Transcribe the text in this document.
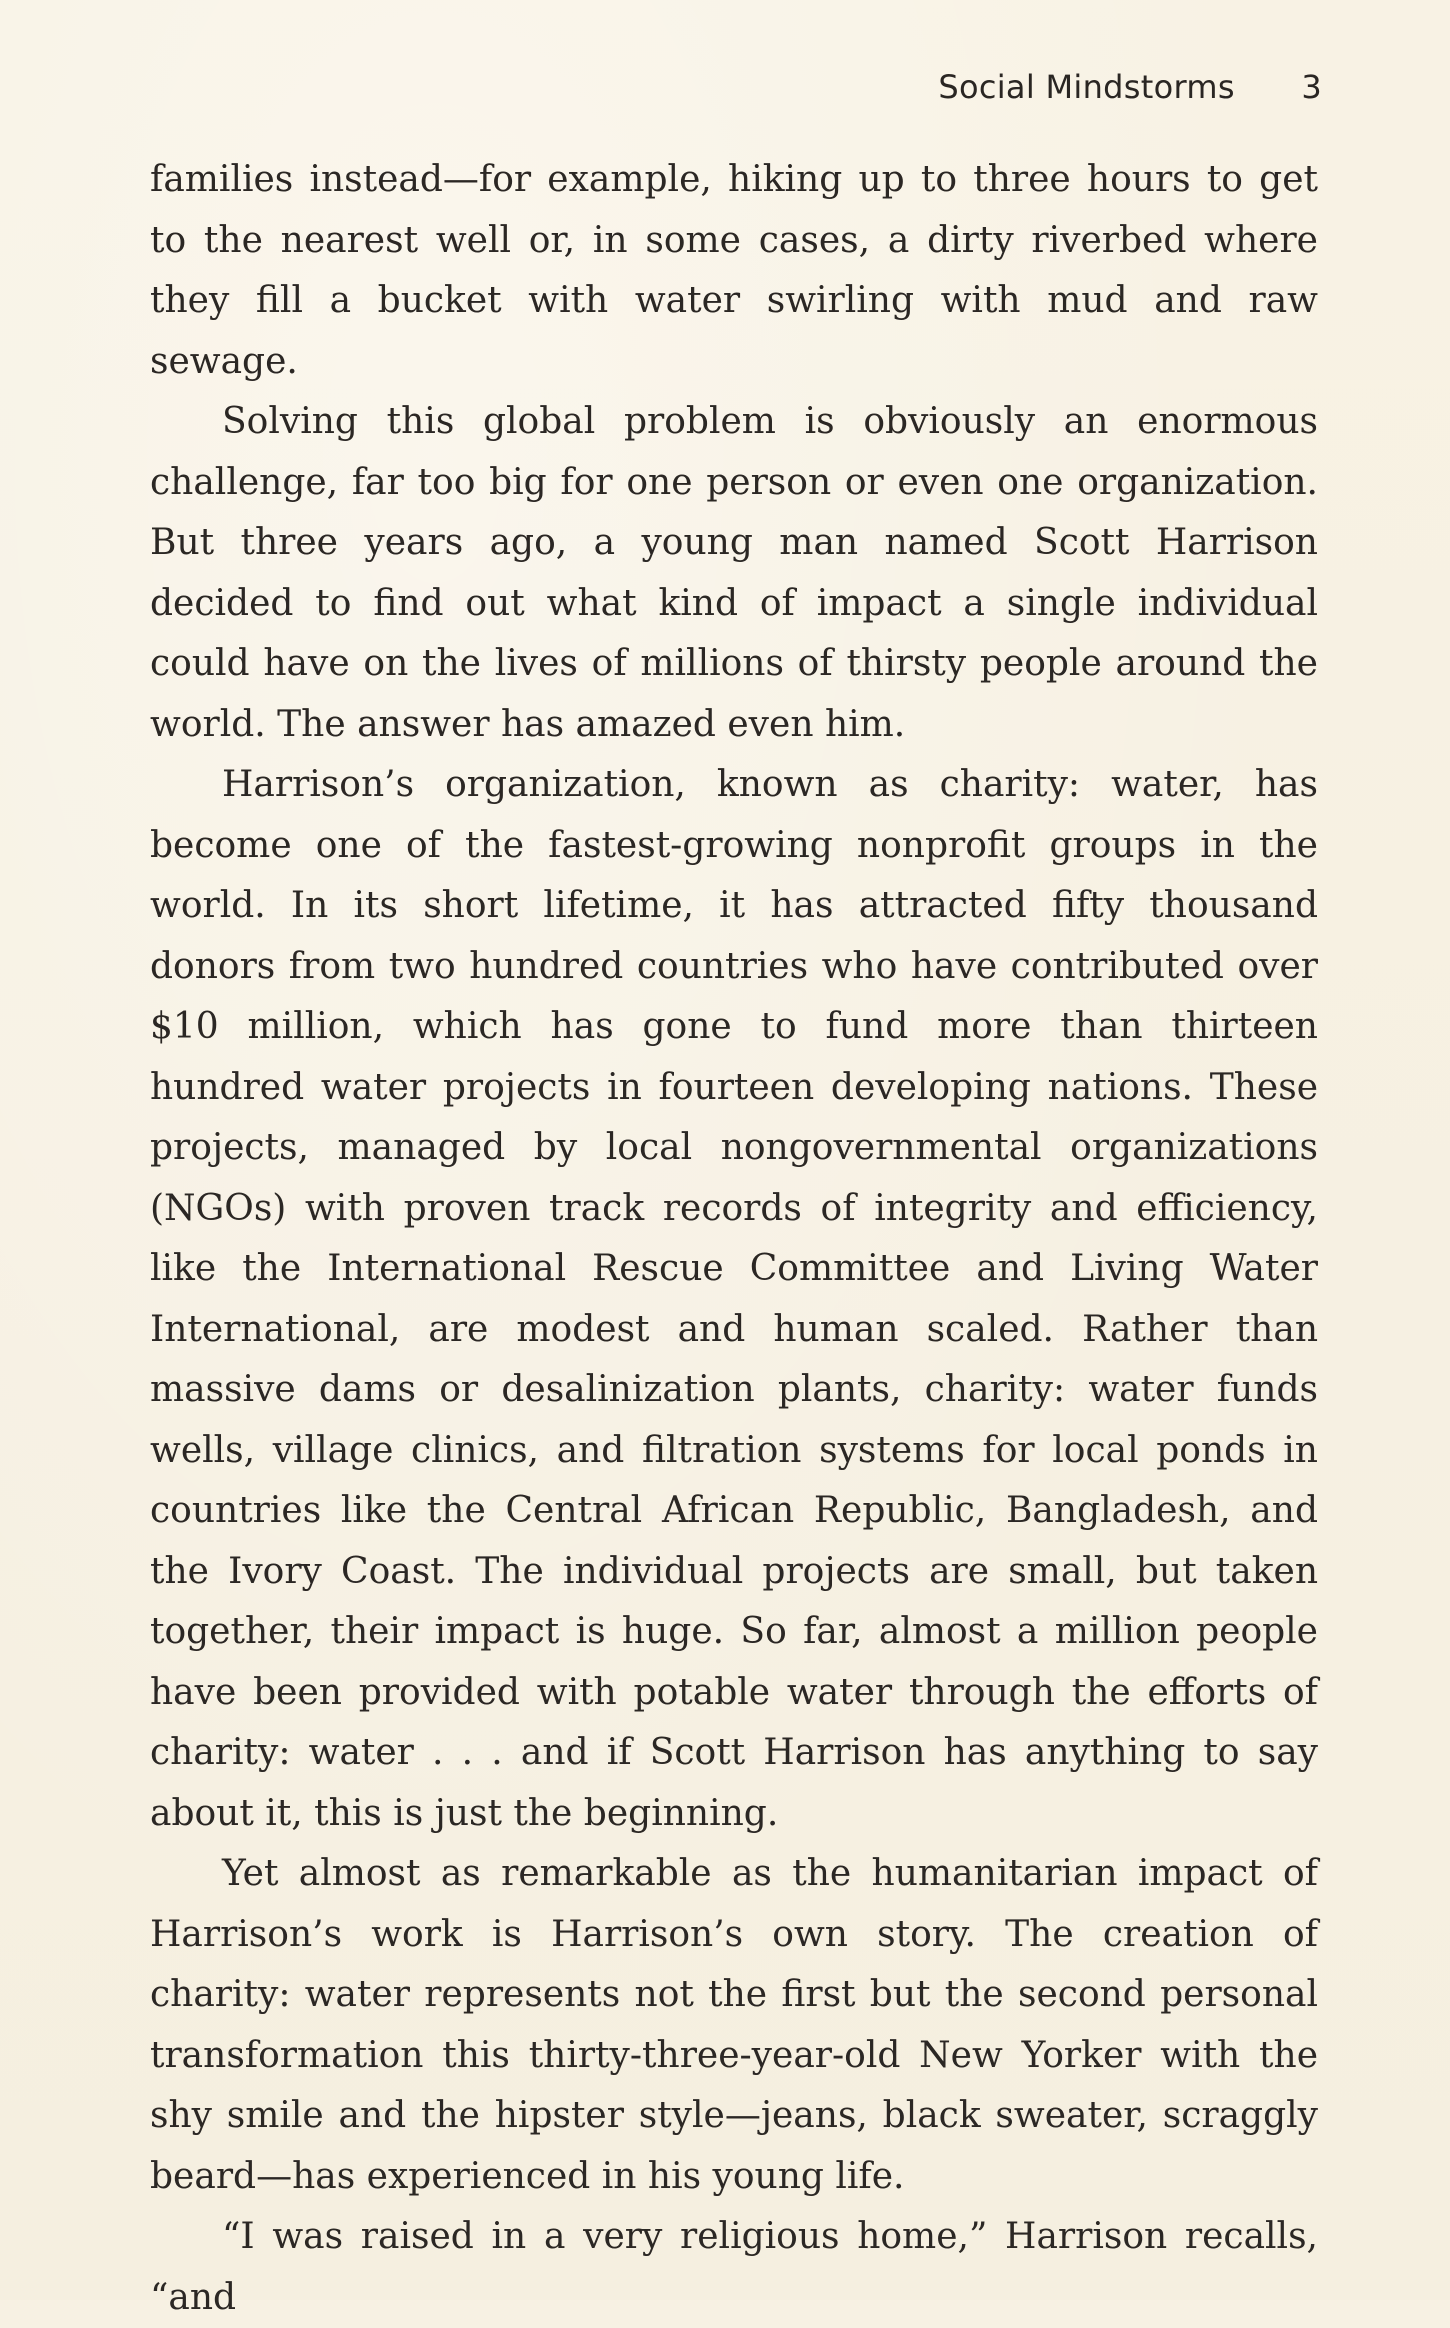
Social Mindstorms 3

families instead—for example, hiking up to three hours to get to the nearest well or, in some cases, a dirty riverbed where they fill a bucket with water swirling with mud and raw sewage.

Solving this global problem is obviously an enormous challenge, far too big for one person or even one organization. But three years ago, a young man named Scott Harrison decided to find out what kind of impact a single individual could have on the lives of millions of thirsty people around the world. The answer has amazed even him.

Harrison’s organization, known as charity: water, has become one of the fastest-growing nonprofit groups in the world. In its short lifetime, it has attracted fifty thousand donors from two hundred countries who have contributed over $10 million, which has gone to fund more than thirteen hundred water projects in fourteen developing nations. These projects, managed by local nongovernmental organizations (NGOs) with proven track records of integrity and efficiency, like the International Rescue Committee and Living Water International, are modest and human scaled. Rather than massive dams or desalinization plants, charity: water funds wells, village clinics, and filtration systems for local ponds in countries like the Central African Republic, Bangladesh, and the Ivory Coast. The individual projects are small, but taken together, their impact is huge. So far, almost a million people have been provided with potable water through the efforts of charity: water . . . and if Scott Harrison has anything to say about it, this is just the beginning.

Yet almost as remarkable as the humanitarian impact of Harrison’s work is Harrison’s own story. The creation of charity: water represents not the first but the second personal transformation this thirty-three-year-old New Yorker with the shy smile and the hipster style—jeans, black sweater, scraggly beard—has experienced in his young life.

“I was raised in a very religious home,” Harrison recalls, “and
